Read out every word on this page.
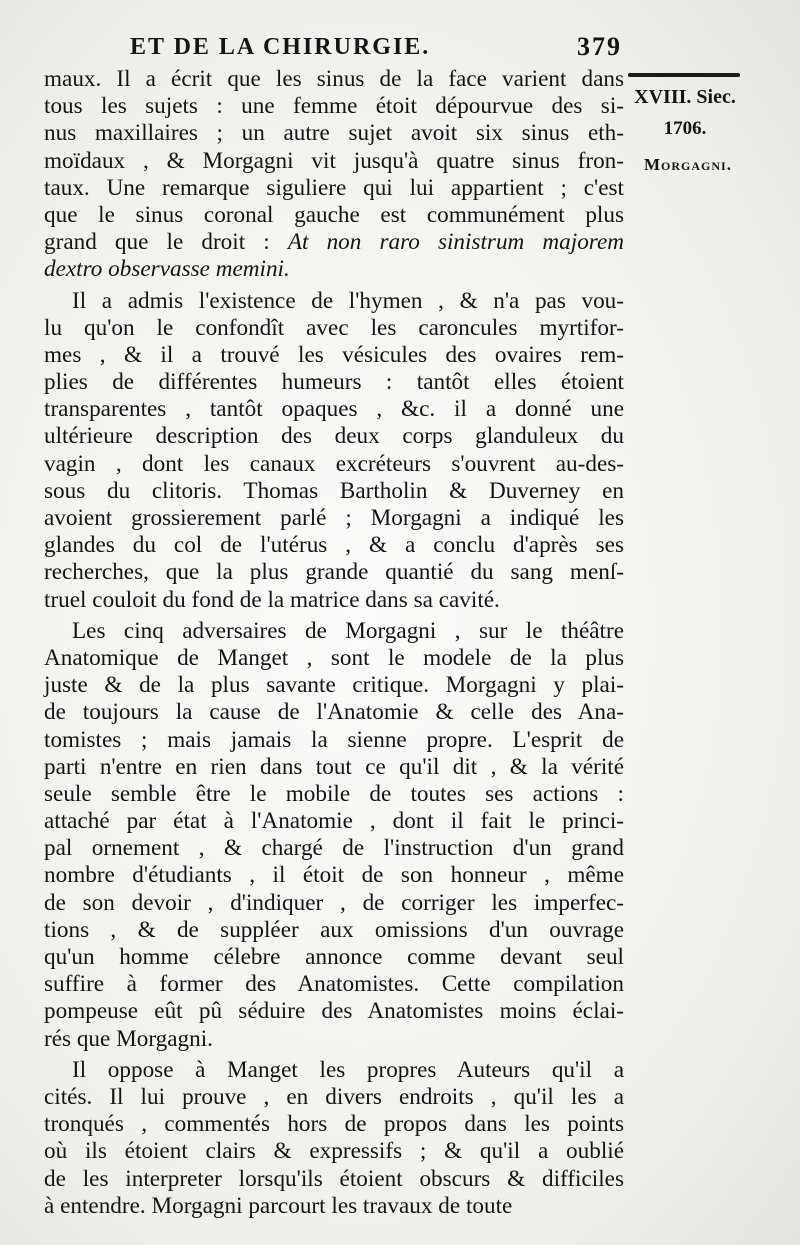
ET DE LA CHIRURGIE.	379
XVIII. Siec.
1706.
Morgagni.
maux. Il a écrit que les sinus de la face varient dans
tous les sujets : une femme étoit dépourvue des si-
nus maxillaires ; un autre sujet avoit six sinus eth-
moïdaux , & Morgagni vit jusqu'à quatre sinus fron-
taux. Une remarque siguliere qui lui appartient ; c'est
que le sinus coronal gauche est communément plus
grand que le droit : At non raro sinistrum majorem
dextro observasse memini.
Il a admis l'existence de l'hymen , & n'a pas vou-
lu qu'on le confondît avec les caroncules myrtifor-
mes , & il a trouvé les vésicules des ovaires rem-
plies de différentes humeurs : tantôt elles étoient
transparentes , tantôt opaques , &c. il a donné une
ultérieure description des deux corps glanduleux du
vagin , dont les canaux excréteurs s'ouvrent au-des-
sous du clitoris. Thomas Bartholin & Duverney en
avoient grossierement parlé ; Morgagni a indiqué les
glandes du col de l'utérus , & a conclu d'après ses
recherches, que la plus grande quantié du sang menſ-
truel couloit du fond de la matrice dans sa cavité.
Les cinq adversaires de Morgagni , sur le théâtre
Anatomique de Manget , sont le modele de la plus
juste & de la plus savante critique. Morgagni y plai-
de toujours la cause de l'Anatomie & celle des Ana-
tomistes ; mais jamais la sienne propre. L'esprit de
parti n'entre en rien dans tout ce qu'il dit , & la vérité
seule semble être le mobile de toutes ses actions :
attaché par état à l'Anatomie , dont il fait le princi-
pal ornement , & chargé de l'instruction d'un grand
nombre d'étudiants , il étoit de son honneur , même
de son devoir , d'indiquer , de corriger les imperfec-
tions , & de suppléer aux omissions d'un ouvrage
qu'un homme célebre annonce comme devant seul
suffire à former des Anatomistes. Cette compilation
pompeuse eût pû séduire des Anatomistes moins éclai-
rés que Morgagni.
Il oppose à Manget les propres Auteurs qu'il a
cités. Il lui prouve , en divers endroits , qu'il les a
tronqués , commentés hors de propos dans les points
où ils étoient clairs & expressifs ; & qu'il a oublié
de les interpreter lorsqu'ils étoient obscurs & difficiles
à entendre. Morgagni parcourt les travaux de toute
